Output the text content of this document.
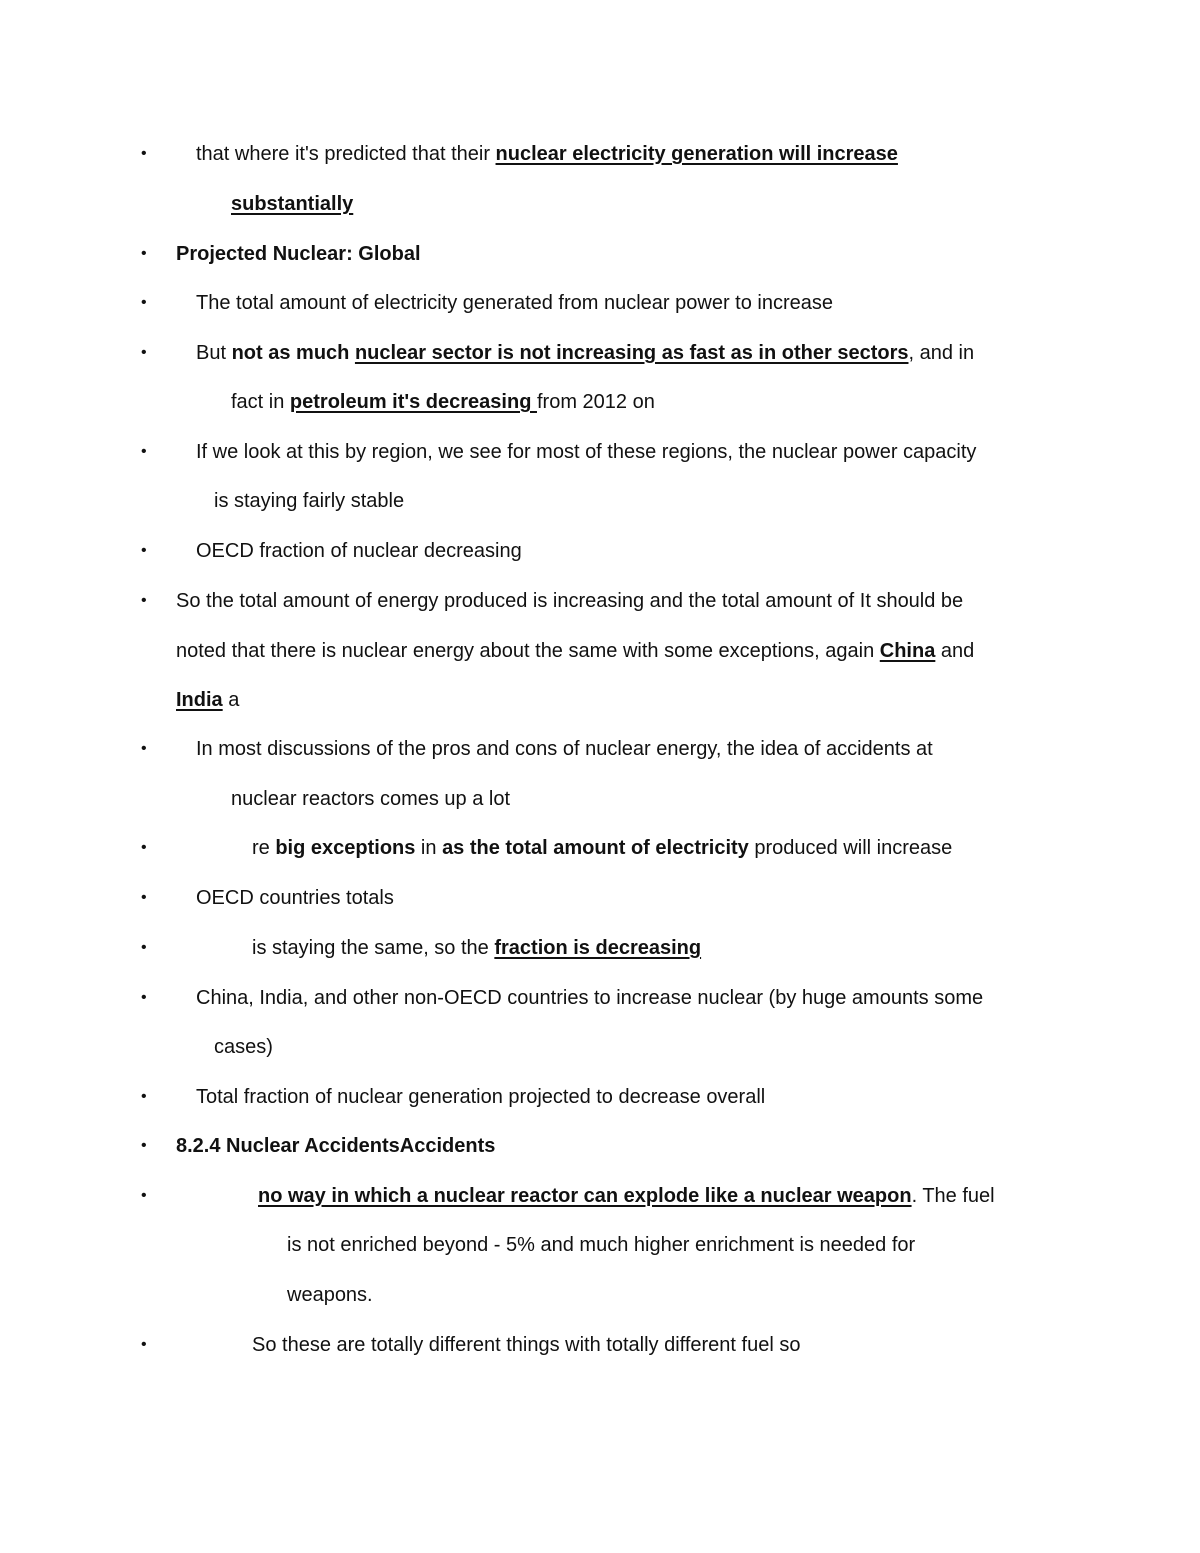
• that where it's predicted that their nuclear electricity generation will increase
substantially
• Projected Nuclear: Global
• The total amount of electricity generated from nuclear power to increase
• But not as much nuclear sector is not increasing as fast as in other sectors, and in
fact in petroleum it's decreasing from 2012 on
• If we look at this by region, we see for most of these regions, the nuclear power capacity
is staying fairly stable
• OECD fraction of nuclear decreasing
• So the total amount of energy produced is increasing and the total amount of It should be
noted that there is nuclear energy about the same with some exceptions, again China and
India a
• In most discussions of the pros and cons of nuclear energy, the idea of accidents at
nuclear reactors comes up a lot
•	re big exceptions in as the total amount of electricity produced will increase
• OECD countries totals
•	is staying the same, so the fraction is decreasing
• China, India, and other non-OECD countries to increase nuclear (by huge amounts some
cases)
• Total fraction of nuclear generation projected to decrease overall
• 8.2.4 Nuclear AccidentsAccidents
•	no way in which a nuclear reactor can explode like a nuclear weapon. The fuel
is not enriched beyond - 5% and much higher enrichment is needed for
weapons.
•	So these are totally different things with totally different fuel so
